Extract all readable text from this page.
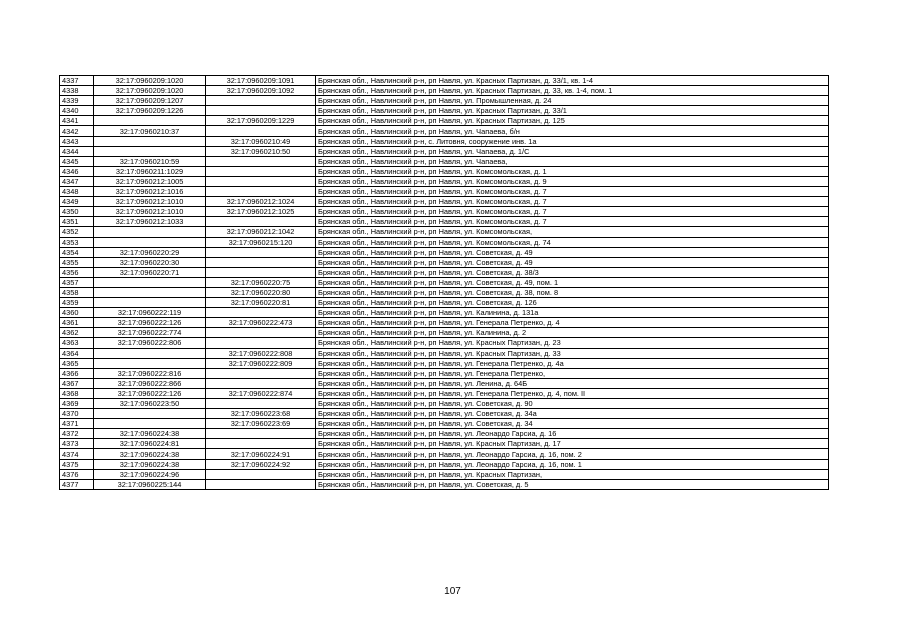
4337	32:17:0960209:1020	32:17:0960209:1091	Брянская обл., Навлинский р-н, рп Навля, ул. Красных Партизан, д. 33/1, кв. 1-4
4338	32:17:0960209:1020	32:17:0960209:1092	Брянская обл., Навлинский р-н, рп Навля, ул. Красных Партизан, д. 33, кв. 1-4, пом. 1
4339	32:17:0960209:1207		Брянская обл., Навлинский р-н, рп Навля, ул. Промышленная, д. 24
4340	32:17:0960209:1226		Брянская обл., Навлинский р-н, рп Навля, ул. Красных Партизан, д. 33/1
4341		32:17:0960209:1229	Брянская обл., Навлинский р-н, рп Навля, ул. Красных Партизан, д. 125
4342	32:17:0960210:37		Брянская обл., Навлинский р-н, рп Навля, ул. Чапаева, б/н
4343		32:17:0960210:49	Брянская обл., Навлинский р-н, с. Литовня, сооружение инв. 1а
4344		32:17:0960210:50	Брянская обл., Навлинский р-н, рп Навля, ул. Чапаева, д. 1/С
4345	32:17:0960210:59		Брянская обл., Навлинский р-н, рп Навля, ул. Чапаева,
4346	32:17:0960211:1029		Брянская обл., Навлинский р-н, рп Навля, ул. Комсомольская, д. 1
4347	32:17:0960212:1005		Брянская обл., Навлинский р-н, рп Навля, ул. Комсомольская, д. 9
4348	32:17:0960212:1016		Брянская обл., Навлинский р-н, рп Навля, ул. Комсомольская, д. 7
4349	32:17:0960212:1010	32:17:0960212:1024	Брянская обл., Навлинский р-н, рп Навля, ул. Комсомольская, д. 7
4350	32:17:0960212:1010	32:17:0960212:1025	Брянская обл., Навлинский р-н, рп Навля, ул. Комсомольская, д. 7
4351	32:17:0960212:1033		Брянская обл., Навлинский р-н, рп Навля, ул. Комсомольская, д. 7
4352		32:17:0960212:1042	Брянская обл., Навлинский р-н, рп Навля, ул. Комсомольская,
4353		32:17:0960215:120	Брянская обл., Навлинский р-н, рп Навля, ул. Комсомольская, д. 74
4354	32:17:0960220:29		Брянская обл., Навлинский р-н, рп Навля, ул. Советская, д. 49
4355	32:17:0960220:30		Брянская обл., Навлинский р-н, рп Навля, ул. Советская, д. 49
4356	32:17:0960220:71		Брянская обл., Навлинский р-н, рп Навля, ул. Советская, д. 38/3
4357		32:17:0960220:75	Брянская обл., Навлинский р-н, рп Навля, ул. Советская, д. 49, пом. 1
4358		32:17:0960220:80	Брянская обл., Навлинский р-н, рп Навля, ул. Советская, д. 38, пом. 8
4359		32:17:0960220:81	Брянская обл., Навлинский р-н, рп Навля, ул. Советская, д. 126
4360	32:17:0960222:119		Брянская обл., Навлинский р-н, рп Навля, ул. Калинина, д. 131а
4361	32:17:0960222:126	32:17:0960222:473	Брянская обл., Навлинский р-н, рп Навля, ул. Генерала Петренко, д. 4
4362	32:17:0960222:774		Брянская обл., Навлинский р-н, рп Навля, ул. Калинина, д. 2
4363	32:17:0960222:806		Брянская обл., Навлинский р-н, рп Навля, ул. Красных Партизан, д. 23
4364		32:17:0960222:808	Брянская обл., Навлинский р-н, рп Навля, ул. Красных Партизан, д. 33
4365		32:17:0960222:809	Брянская обл., Навлинский р-н, рп Навля, ул. Генерала Петренко, д. 4а
4366	32:17:0960222:816		Брянская обл., Навлинский р-н, рп Навля, ул. Генерала Петренко,
4367	32:17:0960222:866		Брянская обл., Навлинский р-н, рп Навля, ул. Ленина, д. 64Б
4368	32:17:0960222:126	32:17:0960222:874	Брянская обл., Навлинский р-н, рп Навля, ул. Генерала Петренко, д. 4, пом. II
4369	32:17:0960223:50		Брянская обл., Навлинский р-н, рп Навля, ул. Советская, д. 90
4370		32:17:0960223:68	Брянская обл., Навлинский р-н, рп Навля, ул. Советская, д. 34а
4371		32:17:0960223:69	Брянская обл., Навлинский р-н, рп Навля, ул. Советская, д. 34
4372	32:17:0960224:38		Брянская обл., Навлинский р-н, рп Навля, ул. Леонардо Гарсиа, д. 16
4373	32:17:0960224:81		Брянская обл., Навлинский р-н, рп Навля, ул. Красных Партизан, д. 17
4374	32:17:0960224:38	32:17:0960224:91	Брянская обл., Навлинский р-н, рп Навля, ул. Леонардо Гарсиа, д. 16, пом. 2
4375	32:17:0960224:38	32:17:0960224:92	Брянская обл., Навлинский р-н, рп Навля, ул. Леонардо Гарсиа, д. 16, пом. 1
4376	32:17:0960224:96		Брянская обл., Навлинский р-н, рп Навля, ул. Красных Партизан,
4377	32:17:0960225:144		Брянская обл., Навлинский р-н, рп Навля, ул. Советская, д. 5
107
